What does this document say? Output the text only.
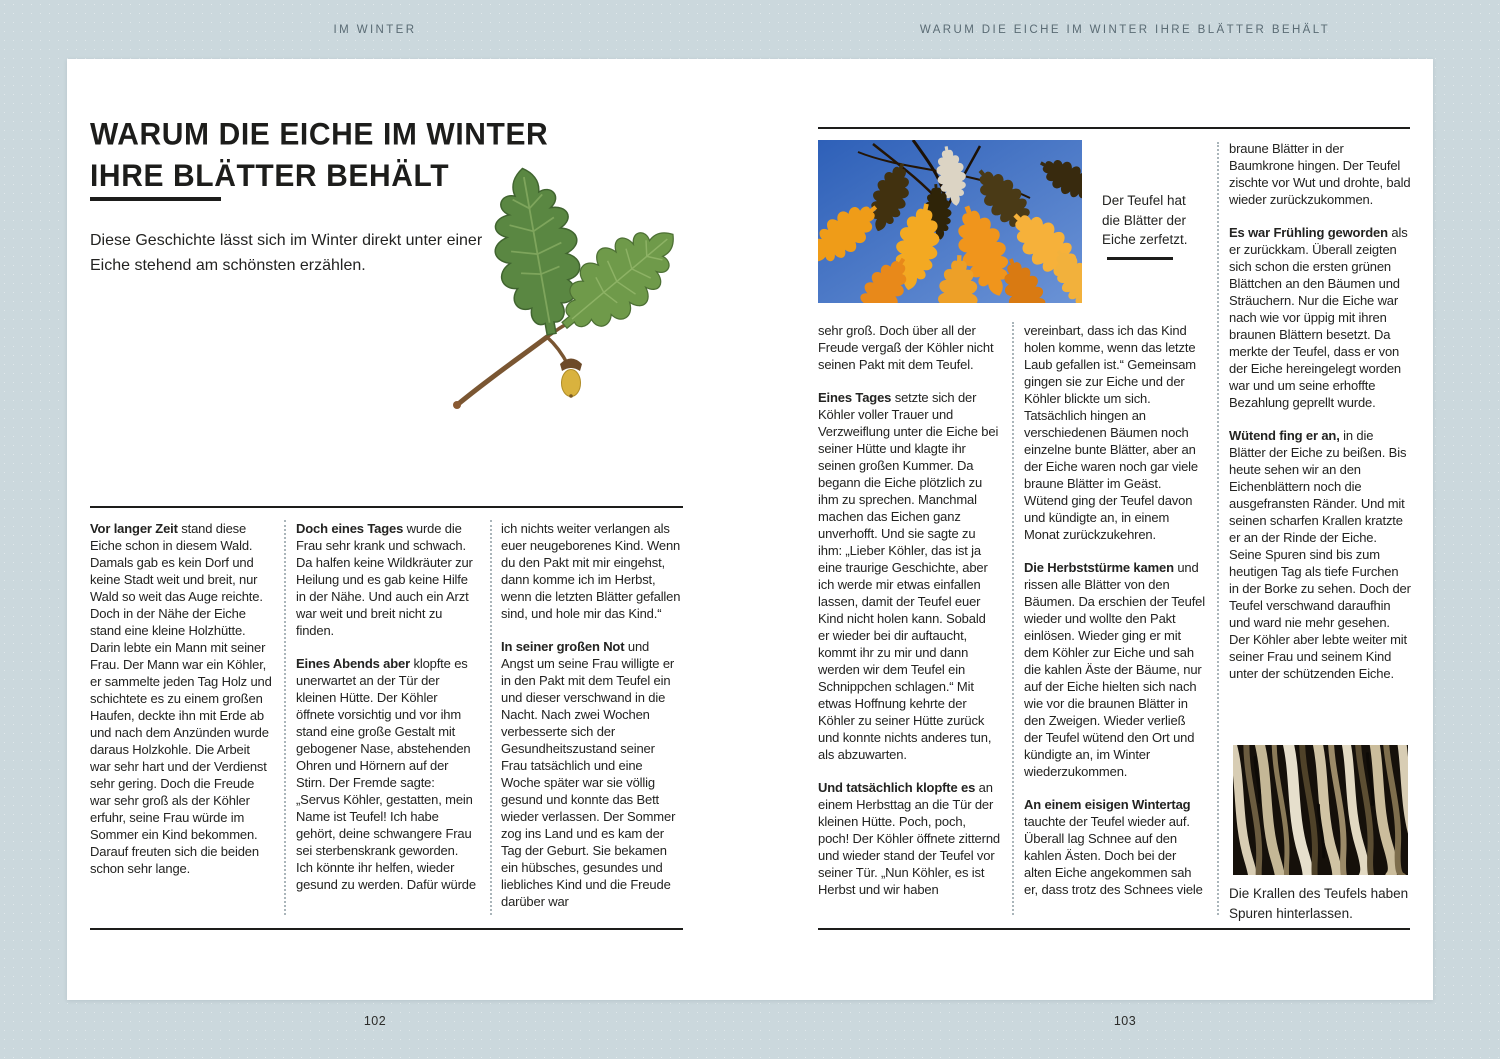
IM WINTER	WARUM DIE EICHE IM WINTER IHRE BLÄTTER BEHÄLT
WARUM DIE EICHE IM WINTER
IHRE BLÄTTER BEHÄLT
Diese Geschichte lässt sich im Winter direkt unter einer Eiche stehend am schönsten erzählen.

Vor langer Zeit stand diese Eiche schon in diesem Wald. Damals gab es kein Dorf und keine Stadt weit und breit, nur Wald so weit das Auge reichte. Doch in der Nähe der Eiche stand eine kleine Holzhütte. Darin lebte ein Mann mit seiner Frau. Der Mann war ein Köhler, er sammelte jeden Tag Holz und schichtete es zu einem großen Haufen, deckte ihn mit Erde ab und nach dem Anzünden wurde daraus Holzkohle. Die Arbeit war sehr hart und der Verdienst sehr gering. Doch die Freude war sehr groß als der Köhler erfuhr, seine Frau würde im Sommer ein Kind bekommen. Darauf freuten sich die beiden schon sehr lange.

Doch eines Tages wurde die Frau sehr krank und schwach. Da halfen keine Wildkräuter zur Heilung und es gab keine Hilfe in der Nähe. Und auch ein Arzt war weit und breit nicht zu finden.

Eines Abends aber klopfte es unerwartet an der Tür der kleinen Hütte. Der Köhler öffnete vorsichtig und vor ihm stand eine große Gestalt mit gebogener Nase, abstehenden Ohren und Hörnern auf der Stirn. Der Fremde sagte: „Servus Köhler, gestatten, mein Name ist Teufel! Ich habe gehört, deine schwangere Frau sei sterbenskrank geworden. Ich könnte ihr helfen, wieder gesund zu werden. Dafür würde

ich nichts weiter verlangen als euer neugeborenes Kind. Wenn du den Pakt mit mir eingehst, dann komme ich im Herbst, wenn die letzten Blätter gefallen sind, und hole mir das Kind.“

In seiner großen Not und Angst um seine Frau willigte er in den Pakt mit dem Teufel ein und dieser verschwand in die Nacht. Nach zwei Wochen verbesserte sich der Gesundheitszustand seiner Frau tatsächlich und eine Woche später war sie völlig gesund und konnte das Bett wieder verlassen. Der Sommer zog ins Land und es kam der Tag der Geburt. Sie bekamen ein hübsches, gesundes und liebliches Kind und die Freude darüber war

102
Der Teufel hat die Blätter der Eiche zerfetzt.

sehr groß. Doch über all der Freude vergaß der Köhler nicht seinen Pakt mit dem Teufel.

Eines Tages setzte sich der Köhler voller Trauer und Verzweiflung unter die Eiche bei seiner Hütte und klagte ihr seinen großen Kummer. Da begann die Eiche plötzlich zu ihm zu sprechen. Manchmal machen das Eichen ganz unverhofft. Und sie sagte zu ihm: „Lieber Köhler, das ist ja eine traurige Geschichte, aber ich werde mir etwas einfallen lassen, damit der Teufel euer Kind nicht holen kann. Sobald er wieder bei dir auftaucht, kommt ihr zu mir und dann werden wir dem Teufel ein Schnippchen schlagen.“ Mit etwas Hoffnung kehrte der Köhler zu seiner Hütte zurück und konnte nichts anderes tun, als abzuwarten.

Und tatsächlich klopfte es an einem Herbsttag an die Tür der kleinen Hütte. Poch, poch, poch! Der Köhler öffnete zitternd und wieder stand der Teufel vor seiner Tür. „Nun Köhler, es ist Herbst und wir haben

vereinbart, dass ich das Kind holen komme, wenn das letzte Laub gefallen ist.“ Gemeinsam gingen sie zur Eiche und der Köhler blickte um sich. Tatsächlich hingen an verschiedenen Bäumen noch einzelne bunte Blätter, aber an der Eiche waren noch gar viele braune Blätter im Geäst. Wütend ging der Teufel davon und kündigte an, in einem Monat zurückzukehren.

Die Herbststürme kamen und rissen alle Blätter von den Bäumen. Da erschien der Teufel wieder und wollte den Pakt einlösen. Wieder ging er mit dem Köhler zur Eiche und sah die kahlen Äste der Bäume, nur auf der Eiche hielten sich nach wie vor die braunen Blätter in den Zweigen. Wieder verließ der Teufel wütend den Ort und kündigte an, im Winter wiederzukommen.

An einem eisigen Wintertag tauchte der Teufel wieder auf. Überall lag Schnee auf den kahlen Ästen. Doch bei der alten Eiche angekommen sah er, dass trotz des Schnees viele

braune Blätter in der Baumkrone hingen. Der Teufel zischte vor Wut und drohte, bald wieder zurückzukommen.

Es war Frühling geworden als er zurückkam. Überall zeigten sich schon die ersten grünen Blättchen an den Bäumen und Sträuchern. Nur die Eiche war nach wie vor üppig mit ihren braunen Blättern besetzt. Da merkte der Teufel, dass er von der Eiche hereingelegt worden war und um seine erhoffte Bezahlung geprellt wurde.

Wütend fing er an, in die Blätter der Eiche zu beißen. Bis heute sehen wir an den Eichenblättern noch die ausgefransten Ränder. Und mit seinen scharfen Krallen kratzte er an der Rinde der Eiche. Seine Spuren sind bis zum heutigen Tag als tiefe Furchen in der Borke zu sehen. Doch der Teufel verschwand daraufhin und ward nie mehr gesehen. Der Köhler aber lebte weiter mit seiner Frau und seinem Kind unter der schützenden Eiche.

Die Krallen des Teufels haben Spuren hinterlassen.
103
